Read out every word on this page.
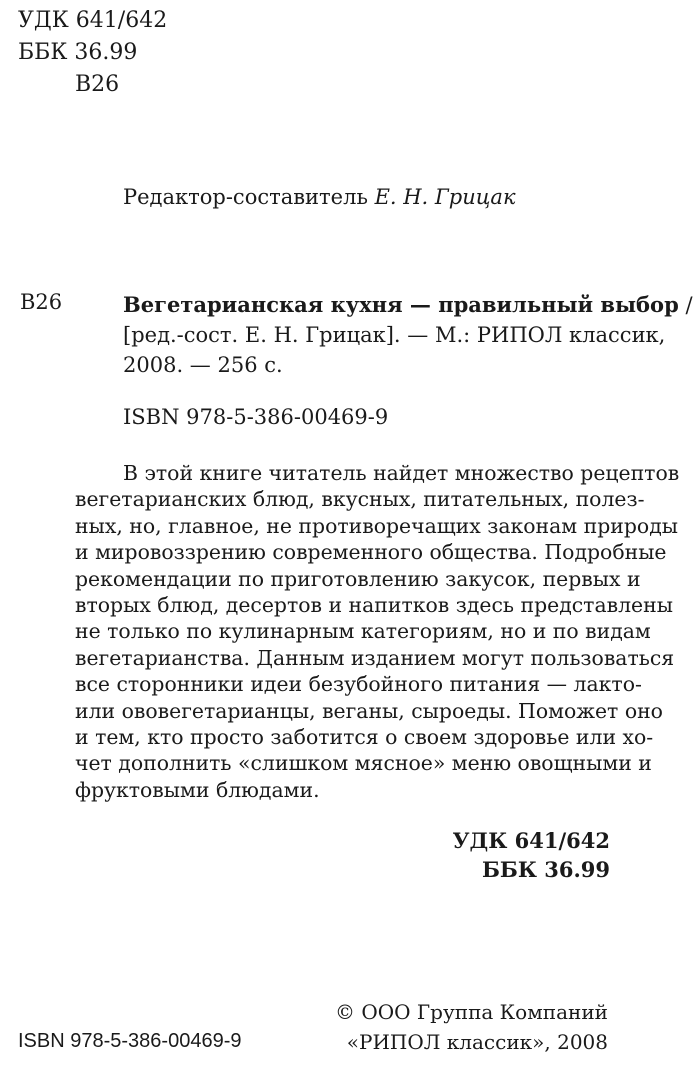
УДК 641/642
ББК 36.99
В26
Редактор-составитель Е. Н. Грицак
В26	Вегетарианская кухня — правильный выбор /
[ред.-сост. Е. Н. Грицак]. — М.: РИПОЛ классик,
2008. — 256 с.
ISBN 978-5-386-00469-9
В этой книге читатель найдет множество рецептов
вегетарианских блюд, вкусных, питательных, полез-
ных, но, главное, не противоречащих законам природы
и мировоззрению современного общества. Подробные
рекомендации по приготовлению закусок, первых и
вторых блюд, десертов и напитков здесь представлены
не только по кулинарным категориям, но и по видам
вегетарианства. Данным изданием могут пользоваться
все сторонники идеи безубойного питания — лакто-
или ововегетарианцы, веганы, сыроеды. Поможет оно
и тем, кто просто заботится о своем здоровье или хо-
чет дополнить «слишком мясное» меню овощными и
фруктовыми блюдами.
УДК 641/642
ББК 36.99
© ООО Группа Компаний
ISBN 978-5-386-00469-9	«РИПОЛ классик», 2008
